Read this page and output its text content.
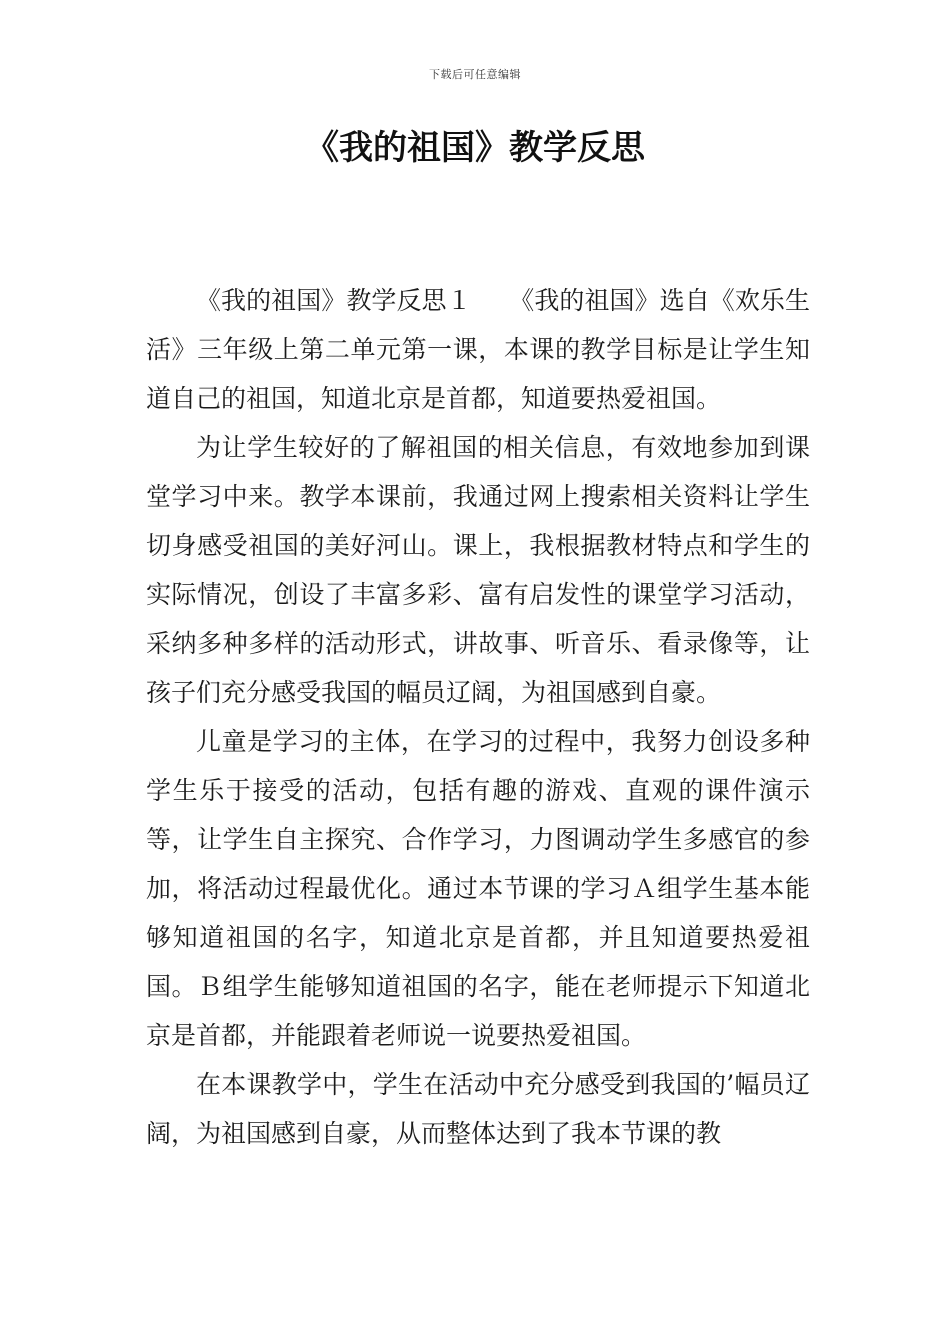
下载后可任意编辑
《我的祖国》教学反思

《我的祖国》教学反思１　　《我的祖国》选自《欢乐生活》三年级上第二单元第一课，本课的教学目标是让学生知道自己的祖国，知道北京是首都，知道要热爱祖国。

为让学生较好的了解祖国的相关信息，有效地参加到课堂学习中来。教学本课前，我通过网上搜索相关资料让学生切身感受祖国的美好河山。课上，我根据教材特点和学生的实际情况，创设了丰富多彩、富有启发性的课堂学习活动，采纳多种多样的活动形式，讲故事、听音乐、看录像等，让孩子们充分感受我国的幅员辽阔，为祖国感到自豪。

儿童是学习的主体，在学习的过程中，我努力创设多种学生乐于接受的活动，包括有趣的游戏、直观的课件演示等，让学生自主探究、合作学习，力图调动学生多感官的参加，将活动过程最优化。通过本节课的学习Ａ组学生基本能够知道祖国的名字，知道北京是首都，并且知道要热爱祖国。Ｂ组学生能够知道祖国的名字，能在老师提示下知道北京是首都，并能跟着老师说一说要热爱祖国。

在本课教学中，学生在活动中充分感受到我国的’幅员辽阔，为祖国感到自豪，从而整体达到了我本节课的教
